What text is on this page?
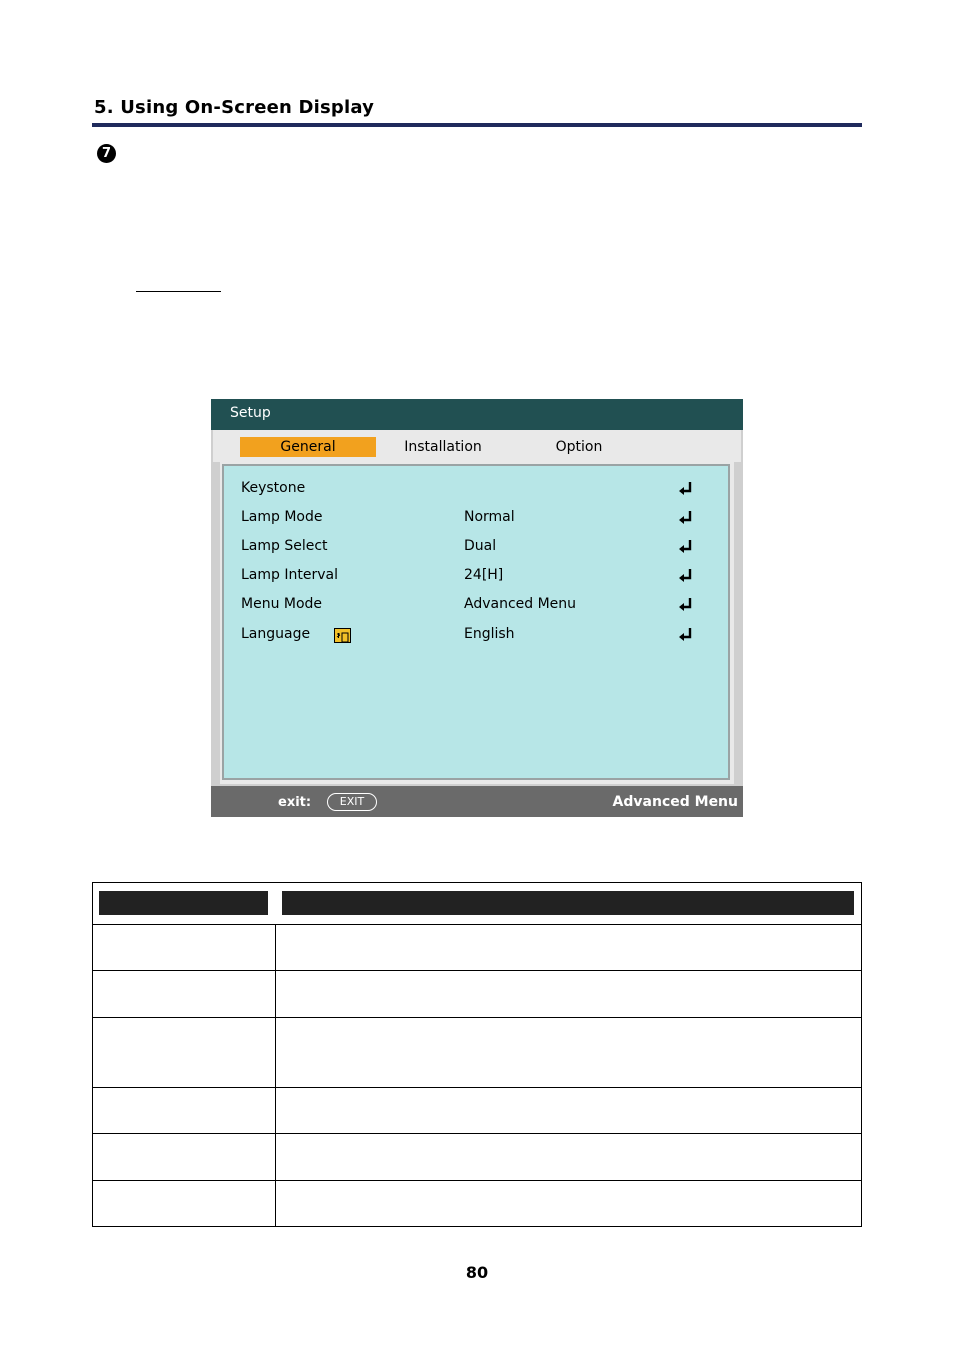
5. Using On-Screen Display
7
Setup
General	Installation	Option
Keystone
Lamp Mode	Normal
Lamp Select	Dual
Lamp Interval	24[H]
Menu Mode	Advanced Menu
Language	English
exit:	EXIT	Advanced Menu
80
